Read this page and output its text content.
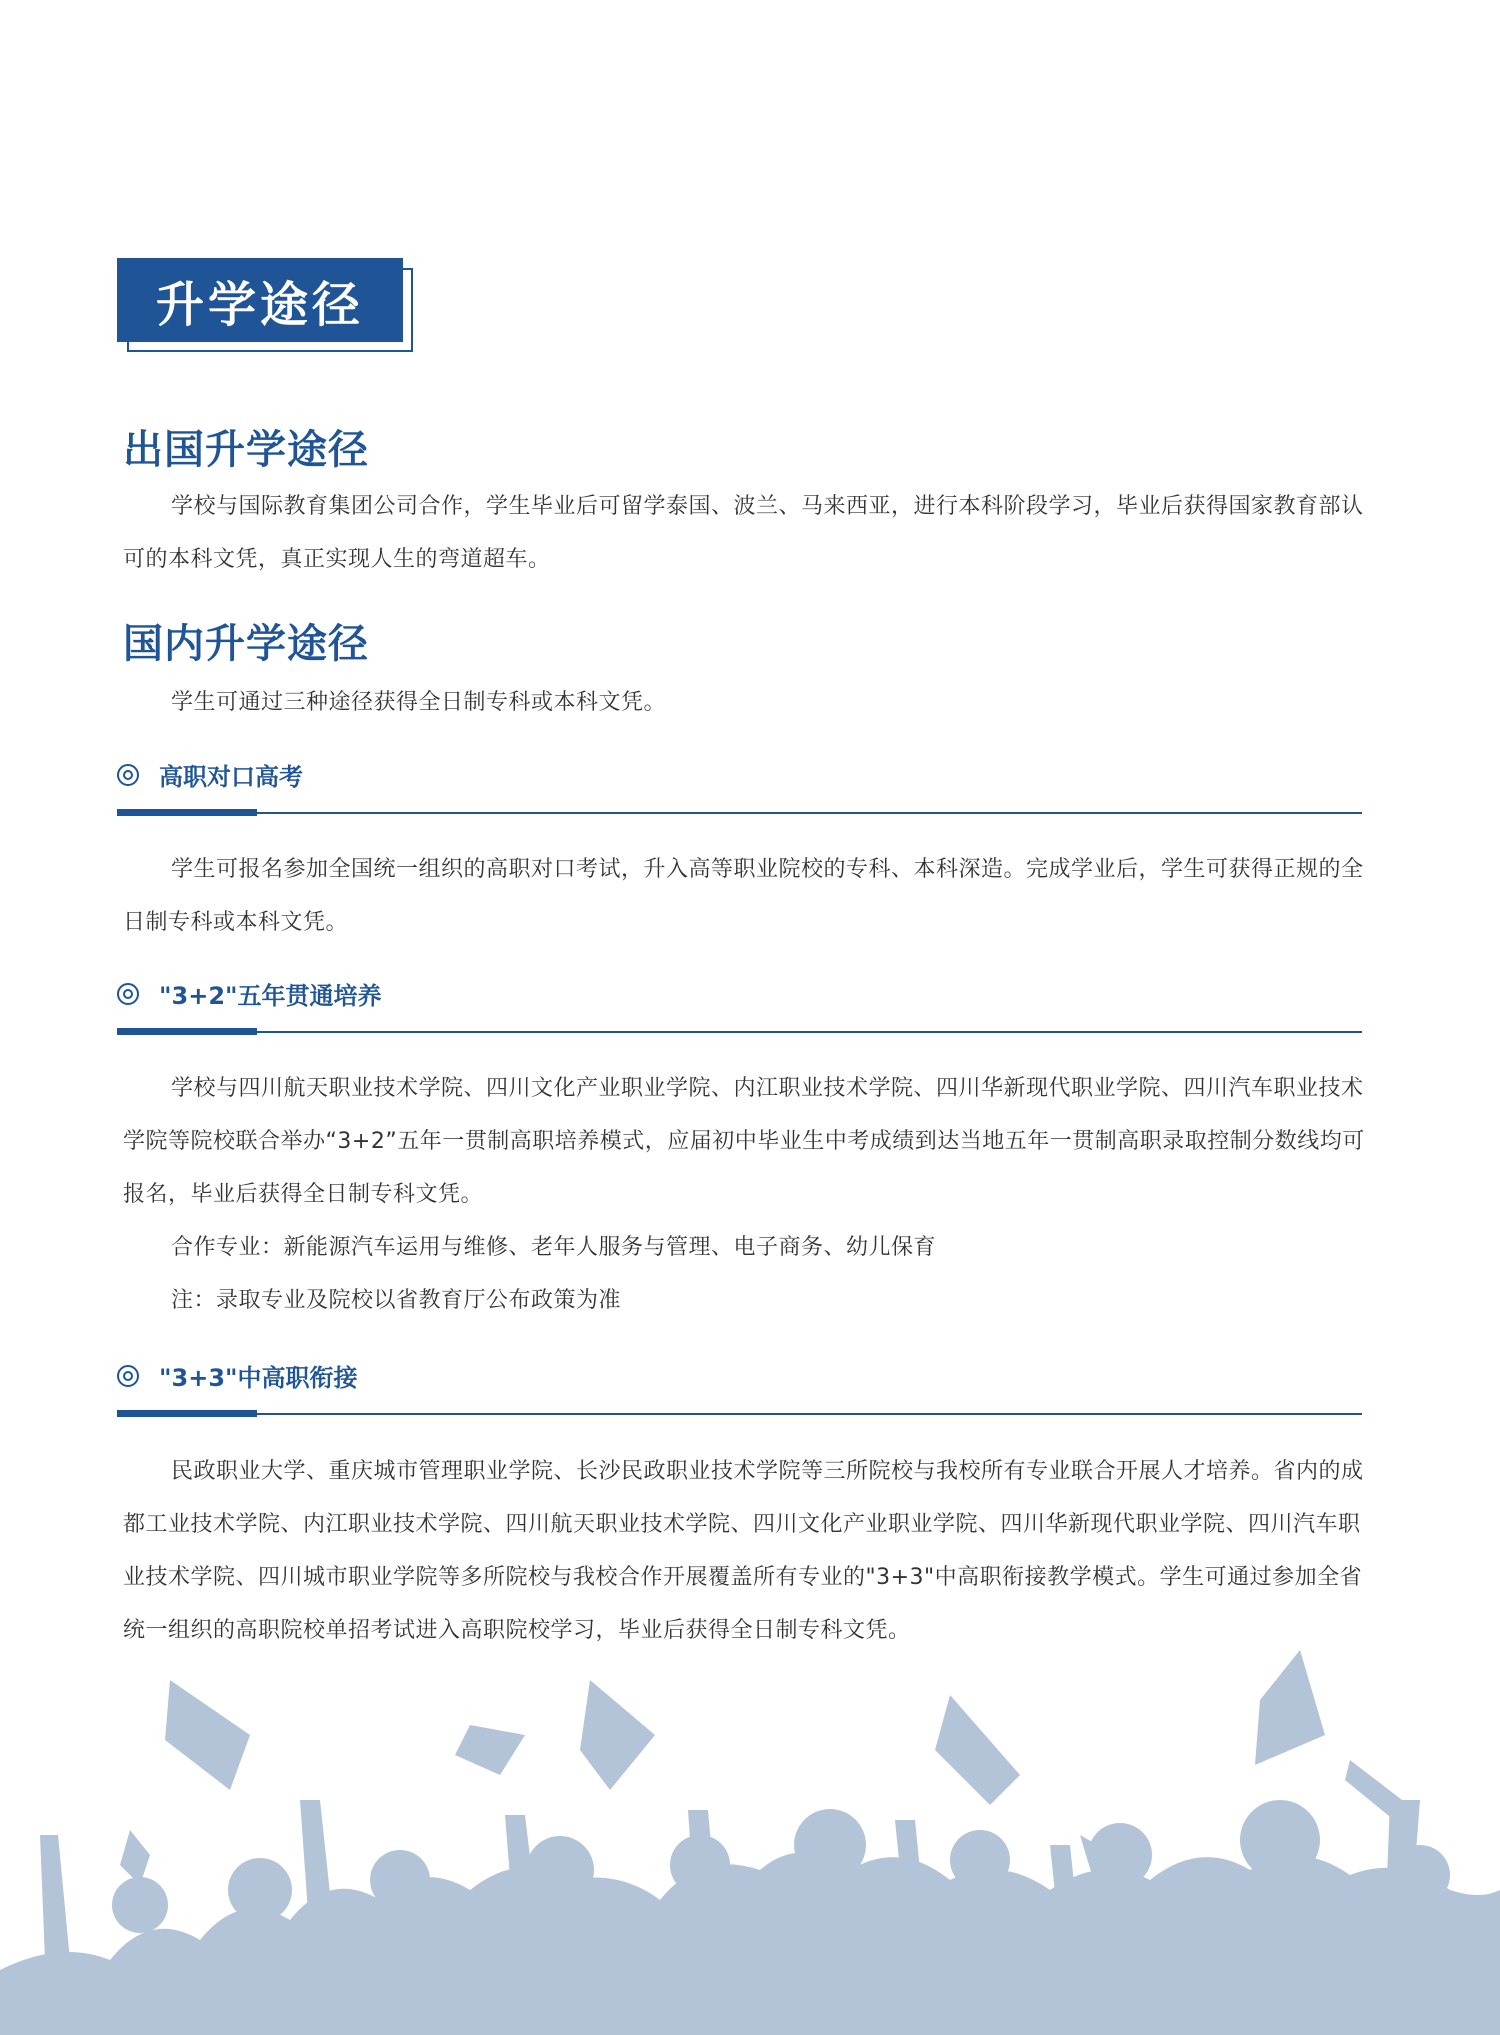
升学途径
出国升学途径
学校与国际教育集团公司合作，学生毕业后可留学泰国、波兰、马来西亚，进行本科阶段学习，毕业后获得国家教育部认可的本科文凭，真正实现人生的弯道超车。
国内升学途径
学生可通过三种途径获得全日制专科或本科文凭。
高职对口高考
学生可报名参加全国统一组织的高职对口考试，升入高等职业院校的专科、本科深造。完成学业后，学生可获得正规的全日制专科或本科文凭。
"3+2"五年贯通培养
学校与四川航天职业技术学院、四川文化产业职业学院、内江职业技术学院、四川华新现代职业学院、四川汽车职业技术学院等院校联合举办“3+2”五年一贯制高职培养模式，应届初中毕业生中考成绩到达当地五年一贯制高职录取控制分数线均可报名，毕业后获得全日制专科文凭。
合作专业：新能源汽车运用与维修、老年人服务与管理、电子商务、幼儿保育
注：录取专业及院校以省教育厅公布政策为准
"3+3"中高职衔接
民政职业大学、重庆城市管理职业学院、长沙民政职业技术学院等三所院校与我校所有专业联合开展人才培养。省内的成都工业技术学院、内江职业技术学院、四川航天职业技术学院、四川文化产业职业学院、四川华新现代职业学院、四川汽车职业技术学院、四川城市职业学院等多所院校与我校合作开展覆盖所有专业的"3+3"中高职衔接教学模式。学生可通过参加全省统一组织的高职院校单招考试进入高职院校学习，毕业后获得全日制专科文凭。
